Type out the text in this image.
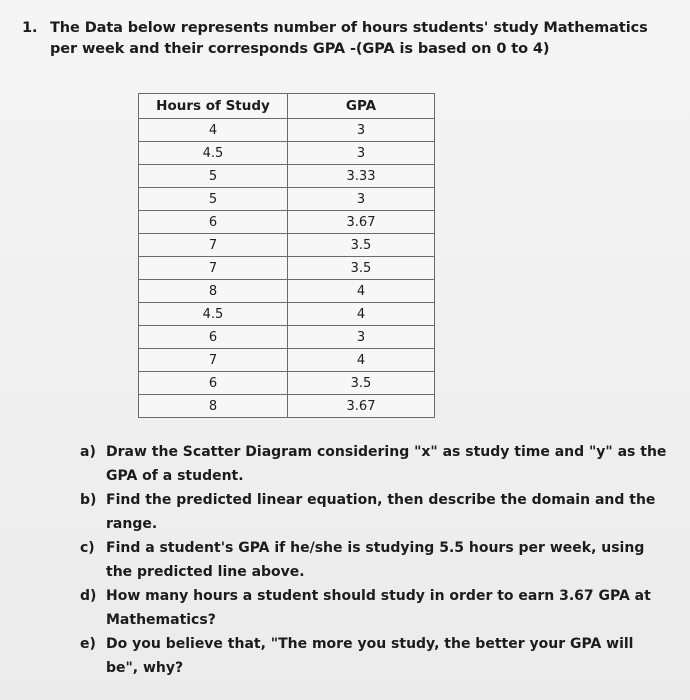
1. The Data below represents number of hours students' study Mathematics
per week and their corresponds GPA -(GPA is based on 0 to 4)
Hours of Study	GPA
4	3
4.5	3
5	3.33
5	3
6	3.67
7	3.5
7	3.5
8	4
4.5	4
6	3
7	4
6	3.5
8	3.67
a) Draw the Scatter Diagram considering "x" as study time and "y" as the GPA of a student.
b) Find the predicted linear equation, then describe the domain and the range.
c) Find a student's GPA if he/she is studying 5.5 hours per week, using the predicted line above.
d) How many hours a student should study in order to earn 3.67 GPA at Mathematics?
e) Do you believe that, "The more you study, the better your GPA will be", why?
